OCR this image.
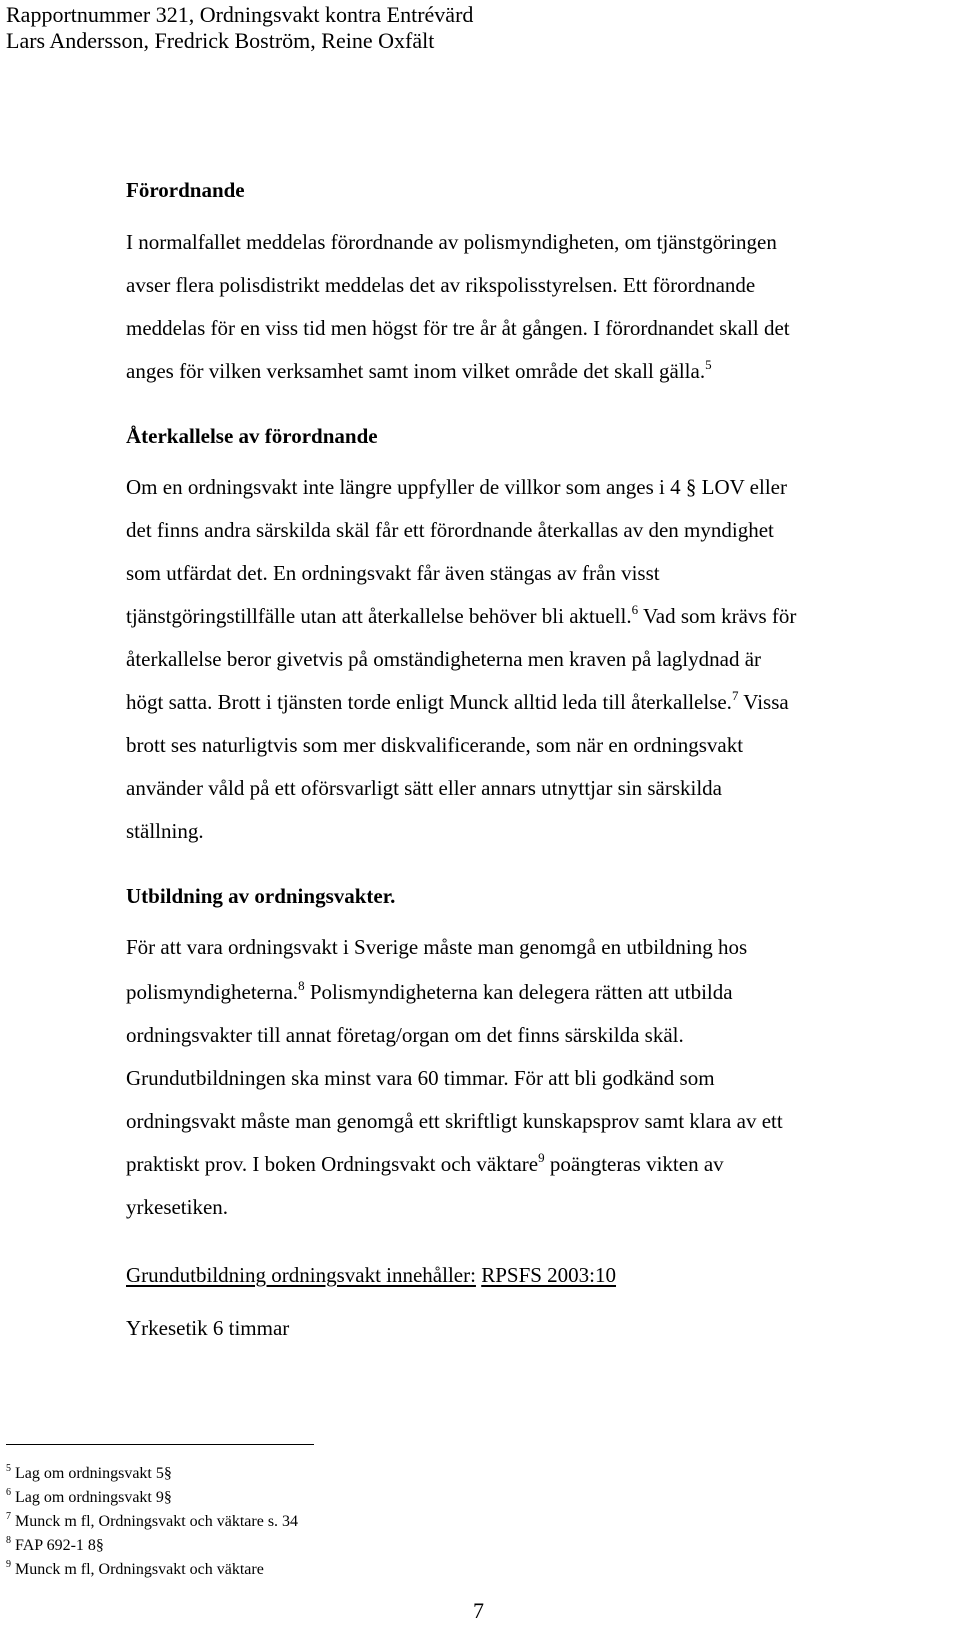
Rapportnummer 321, Ordningsvakt kontra Entrévärd
Lars Andersson, Fredrick Boström, Reine Oxfält
Förordnande
I normalfallet meddelas förordnande av polismyndigheten, om tjänstgöringen
avser flera polisdistrikt meddelas det av rikspolisstyrelsen. Ett förordnande
meddelas för en viss tid men högst för tre år åt gången. I förordnandet skall det
anges för vilken verksamhet samt inom vilket område det skall gälla.$^5$
Återkallelse av förordnande
Om en ordningsvakt inte längre uppfyller de villkor som anges i 4 § LOV eller
det finns andra särskilda skäl får ett förordnande återkallas av den myndighet
som utfärdat det. En ordningsvakt får även stängas av från visst
tjänstgöringstillfälle utan att återkallelse behöver bli aktuell.$^6$ Vad som krävs för
återkallelse beror givetvis på omständigheterna men kraven på laglydnad är
högt satta. Brott i tjänsten torde enligt Munck alltid leda till återkallelse.$^7$ Vissa
brott ses naturligtvis som mer diskvalificerande, som när en ordningsvakt
använder våld på ett oförsvarligt sätt eller annars utnyttjar sin särskilda
ställning.
Utbildning av ordningsvakter.
För att vara ordningsvakt i Sverige måste man genomgå en utbildning hos
polismyndigheterna.$^8$ Polismyndigheterna kan delegera rätten att utbilda
ordningsvakter till annat företag/organ om det finns särskilda skäl.
Grundutbildningen ska minst vara 60 timmar. För att bli godkänd som
ordningsvakt måste man genomgå ett skriftligt kunskapsprov samt klara av ett
praktiskt prov. I boken Ordningsvakt och väktare$^9$ poängteras vikten av
yrkesetiken.
Grundutbildning ordningsvakt innehåller: RPSFS 2003:10
Yrkesetik 6 timmar
$^5$ Lag om ordningsvakt 5§
$^6$ Lag om ordningsvakt 9§
$^7$ Munck m fl, Ordningsvakt och väktare s. 34
$^8$ FAP 692-1 8§
$^9$ Munck m fl, Ordningsvakt och väktare
7
